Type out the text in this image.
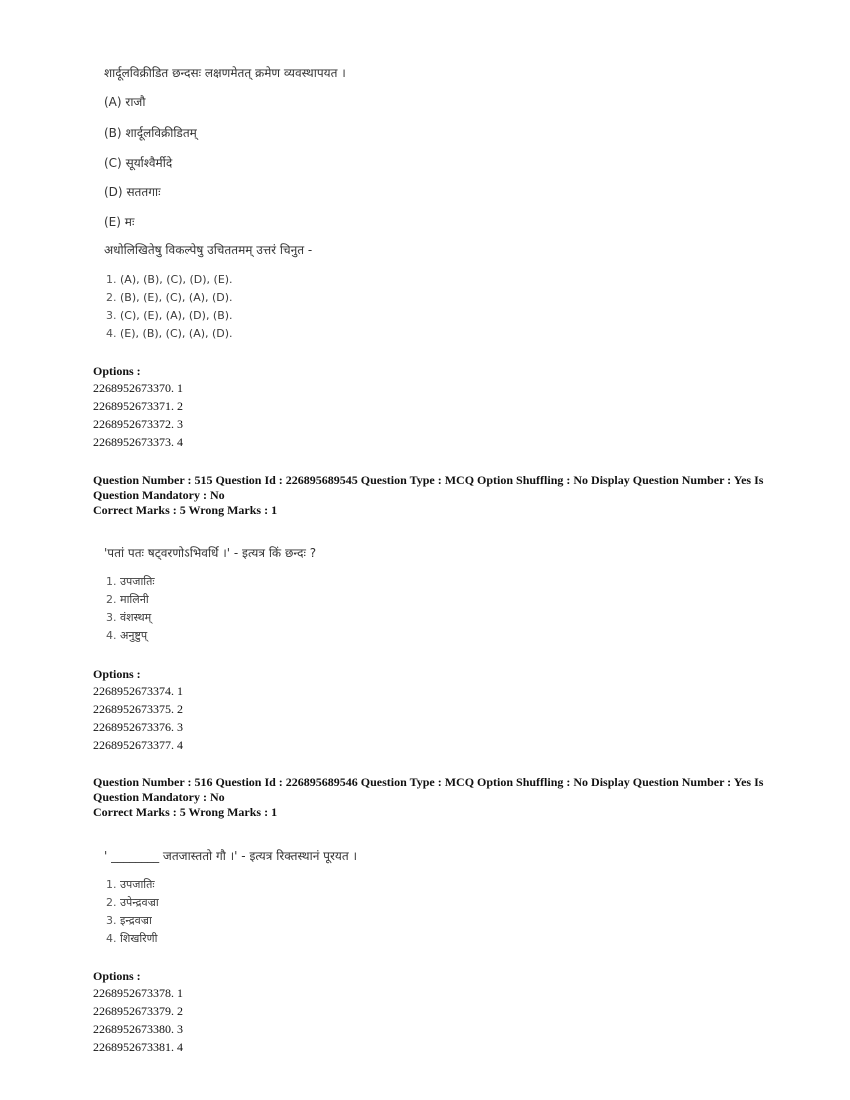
शार्दूलविक्रीडित छन्दसः लक्षणमेतत् क्रमेण व्यवस्थापयत ।
(A) राजौ
(B) शार्दूलविक्रीडितम्
(C) सूर्याश्वैर्मीदे
(D) सततगाः
(E) मः
अधोलिखितेषु विकल्पेषु उचिततमम् उत्तरं चिनुत -
1. (A), (B), (C), (D), (E).
2. (B), (E), (C), (A), (D).
3. (C), (E), (A), (D), (B).
4. (E), (B), (C), (A), (D).
Options :
2268952673370. 1
2268952673371. 2
2268952673372. 3
2268952673373. 4
Question Number : 515 Question Id : 226895689545 Question Type : MCQ Option Shuffling : No Display Question Number : Yes Is Question Mandatory : No
Correct Marks : 5 Wrong Marks : 1
'पतां पतः षट्वरणोऽभिवर्धि ।' - इत्यत्र किं छन्दः ?
1. उपजातिः
2. मालिनी
3. वंशस्थम्
4. अनुष्टुप्
Options :
2268952673374. 1
2268952673375. 2
2268952673376. 3
2268952673377. 4
Question Number : 516 Question Id : 226895689546 Question Type : MCQ Option Shuffling : No Display Question Number : Yes Is Question Mandatory : No
Correct Marks : 5 Wrong Marks : 1
' ________ जतजास्ततो गौ ।' - इत्यत्र रिक्तस्थानं पूरयत ।
1. उपजातिः
2. उपेन्द्रवज्रा
3. इन्द्रवज्रा
4. शिखरिणी
Options :
2268952673378. 1
2268952673379. 2
2268952673380. 3
2268952673381. 4
